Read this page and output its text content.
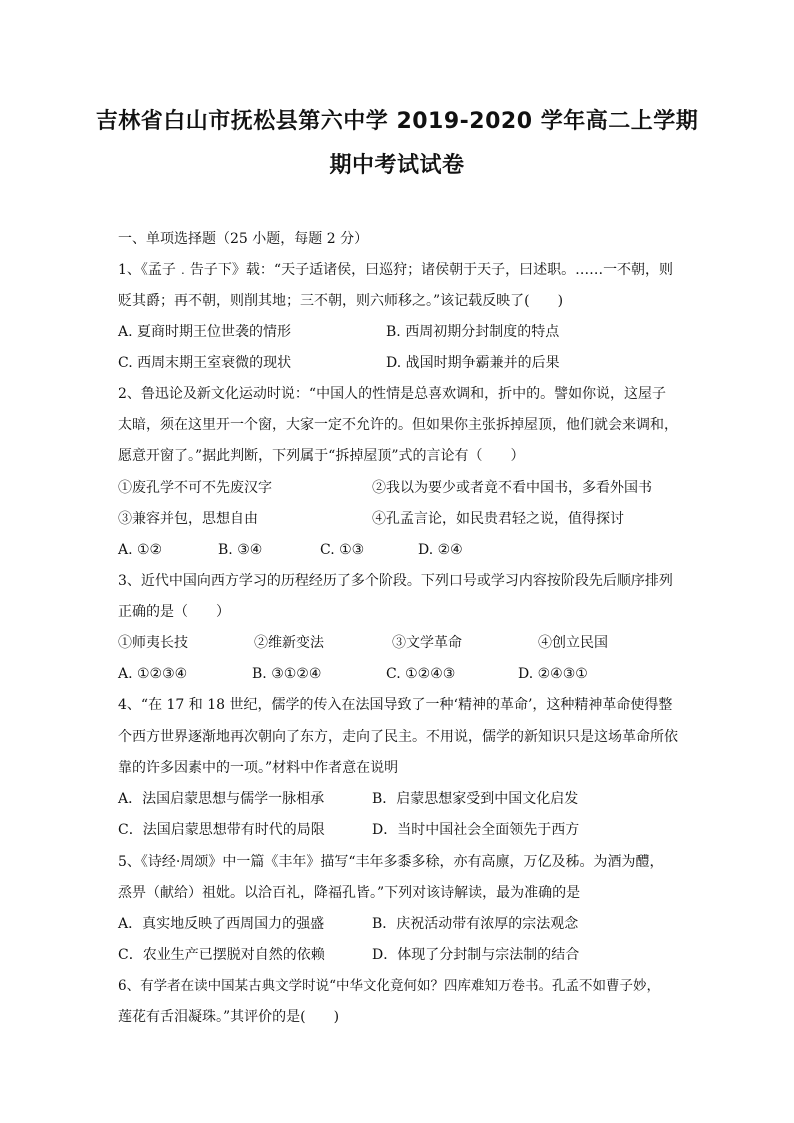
吉林省白山市抚松县第六中学 2019-2020 学年高二上学期
期中考试试卷
一、单项选择题（25 小题，每题 2 分）
1、《孟子﹒告子下》载：“天子适诸侯，曰巡狩；诸侯朝于天子，曰述职。……一不朝，则
贬其爵；再不朝，则削其地；三不朝，则六师移之。”该记载反映了(　　)
A. 夏商时期王位世袭的情形	B. 西周初期分封制度的特点
C. 西周末期王室衰微的现状	D. 战国时期争霸兼并的后果
2、鲁迅论及新文化运动时说：“中国人的性情是总喜欢调和，折中的。譬如你说，这屋子
太暗，须在这里开一个窗，大家一定不允许的。但如果你主张拆掉屋顶，他们就会来调和，
愿意开窗了。”据此判断，下列属于“拆掉屋顶”式的言论有（　　）
①废孔学不可不先废汉字	②我以为要少或者竟不看中国书，多看外国书
③兼容并包，思想自由	④孔孟言论，如民贵君轻之说，值得探讨
A. ①②	B. ③④	C. ①③	D. ②④
3、近代中国向西方学习的历程经历了多个阶段。下列口号或学习内容按阶段先后顺序排列
正确的是（　　）
①师夷长技	②维新变法	③文学革命	④创立民国
A. ①②③④	B. ③①②④	C. ①②④③	D. ②④③①
4、“在 17 和 18 世纪，儒学的传入在法国导致了一种‘精神的革命’，这种精神革命使得整
个西方世界逐渐地再次朝向了东方，走向了民主。不用说，儒学的新知识只是这场革命所依
靠的许多因素中的一项。”材料中作者意在说明
A．法国启蒙思想与儒学一脉相承	B．启蒙思想家受到中国文化启发
C．法国启蒙思想带有时代的局限	D．当时中国社会全面领先于西方
5、《诗经·周颂》中一篇《丰年》描写“丰年多黍多稌，亦有高廪，万亿及秭。为酒为醴，
烝畀（献给）祖妣。以洽百礼，降福孔皆。”下列对该诗解读，最为准确的是
A．真实地反映了西周国力的强盛	B．庆祝活动带有浓厚的宗法观念
C．农业生产已摆脱对自然的依赖	D．体现了分封制与宗法制的结合
6、有学者在读中国某古典文学时说“中华文化竟何如？四库难知万卷书。孔孟不如曹子妙，
莲花有舌泪凝珠。”其评价的是(　　)
